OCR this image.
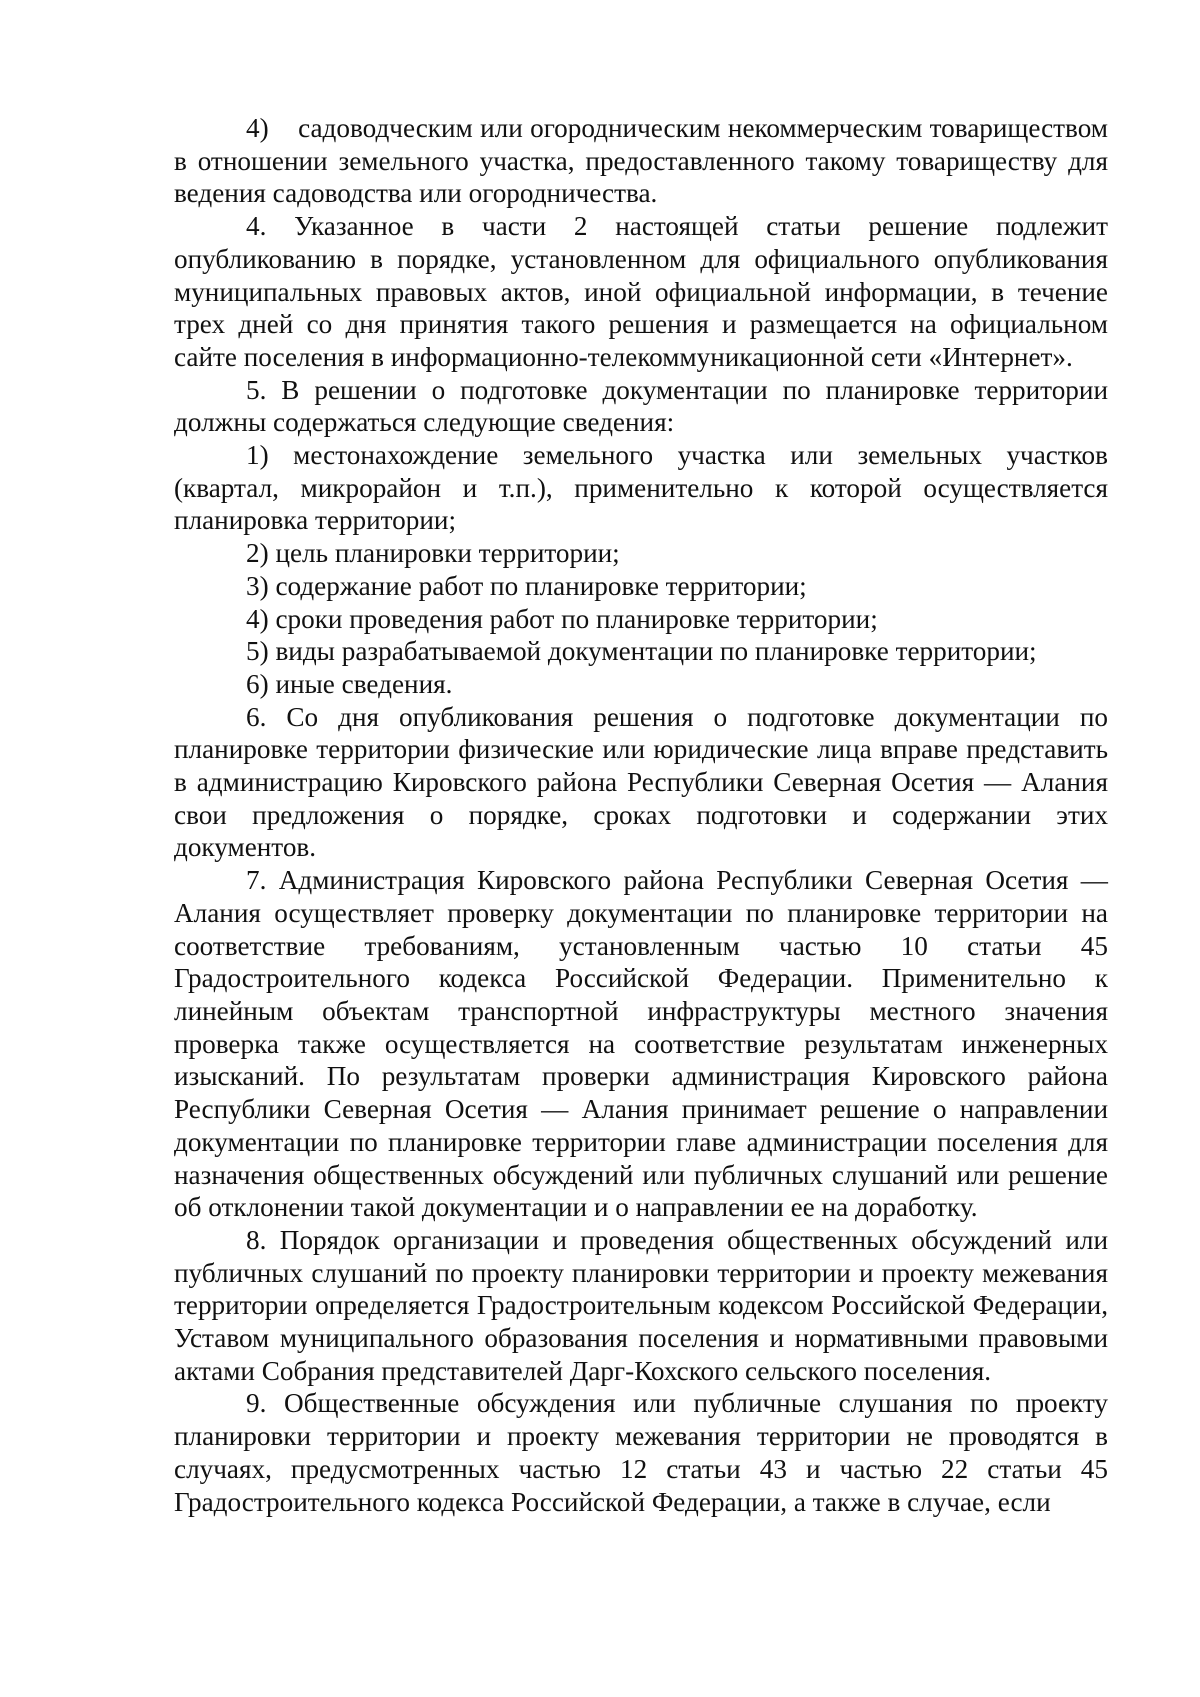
4)    садоводческим или огородническим некоммерческим товариществом в отношении земельного участка, предоставленного такому товариществу для ведения садоводства или огородничества.

4. Указанное в части 2 настоящей статьи решение подлежит опубликованию в порядке, установленном для официального опубликования муниципальных правовых актов, иной официальной информации, в течение трех дней со дня принятия такого решения и размещается на официальном сайте поселения в информационно-телекоммуникационной сети «Интернет».

5. В решении о подготовке документации по планировке территории должны содержаться следующие сведения:

1) местонахождение земельного участка или земельных участков (квартал, микрорайон и т.п.), применительно к которой осуществляется планировка территории;

2) цель планировки территории;

3) содержание работ по планировке территории;

4) сроки проведения работ по планировке территории;

5) виды разрабатываемой документации по планировке территории;

6) иные сведения.

6. Со дня опубликования решения о подготовке документации по планировке территории физические или юридические лица вправе представить в администрацию Кировского района Республики Северная Осетия — Алания свои предложения о порядке, сроках подготовки и содержании этих документов.

7. Администрация Кировского района Республики Северная Осетия — Алания осуществляет проверку документации по планировке территории на соответствие требованиям, установленным частью 10 статьи 45 Градостроительного кодекса Российской Федерации. Применительно к линейным объектам транспортной инфраструктуры местного значения проверка также осуществляется на соответствие результатам инженерных изысканий. По результатам проверки администрация Кировского района Республики Северная Осетия — Алания принимает решение о направлении документации по планировке территории главе администрации поселения для назначения общественных обсуждений или публичных слушаний или решение об отклонении такой документации и о направлении ее на доработку.

8. Порядок организации и проведения общественных обсуждений или публичных слушаний по проекту планировки территории и проекту межевания территории определяется Градостроительным кодексом Российской Федерации, Уставом муниципального образования поселения и нормативными правовыми актами Собрания представителей Дарг-Кохского сельского поселения.

9. Общественные обсуждения или публичные слушания по проекту планировки территории и проекту межевания территории не проводятся в случаях, предусмотренных частью 12 статьи 43 и частью 22 статьи 45 Градостроительного кодекса Российской Федерации, а также в случае, если
